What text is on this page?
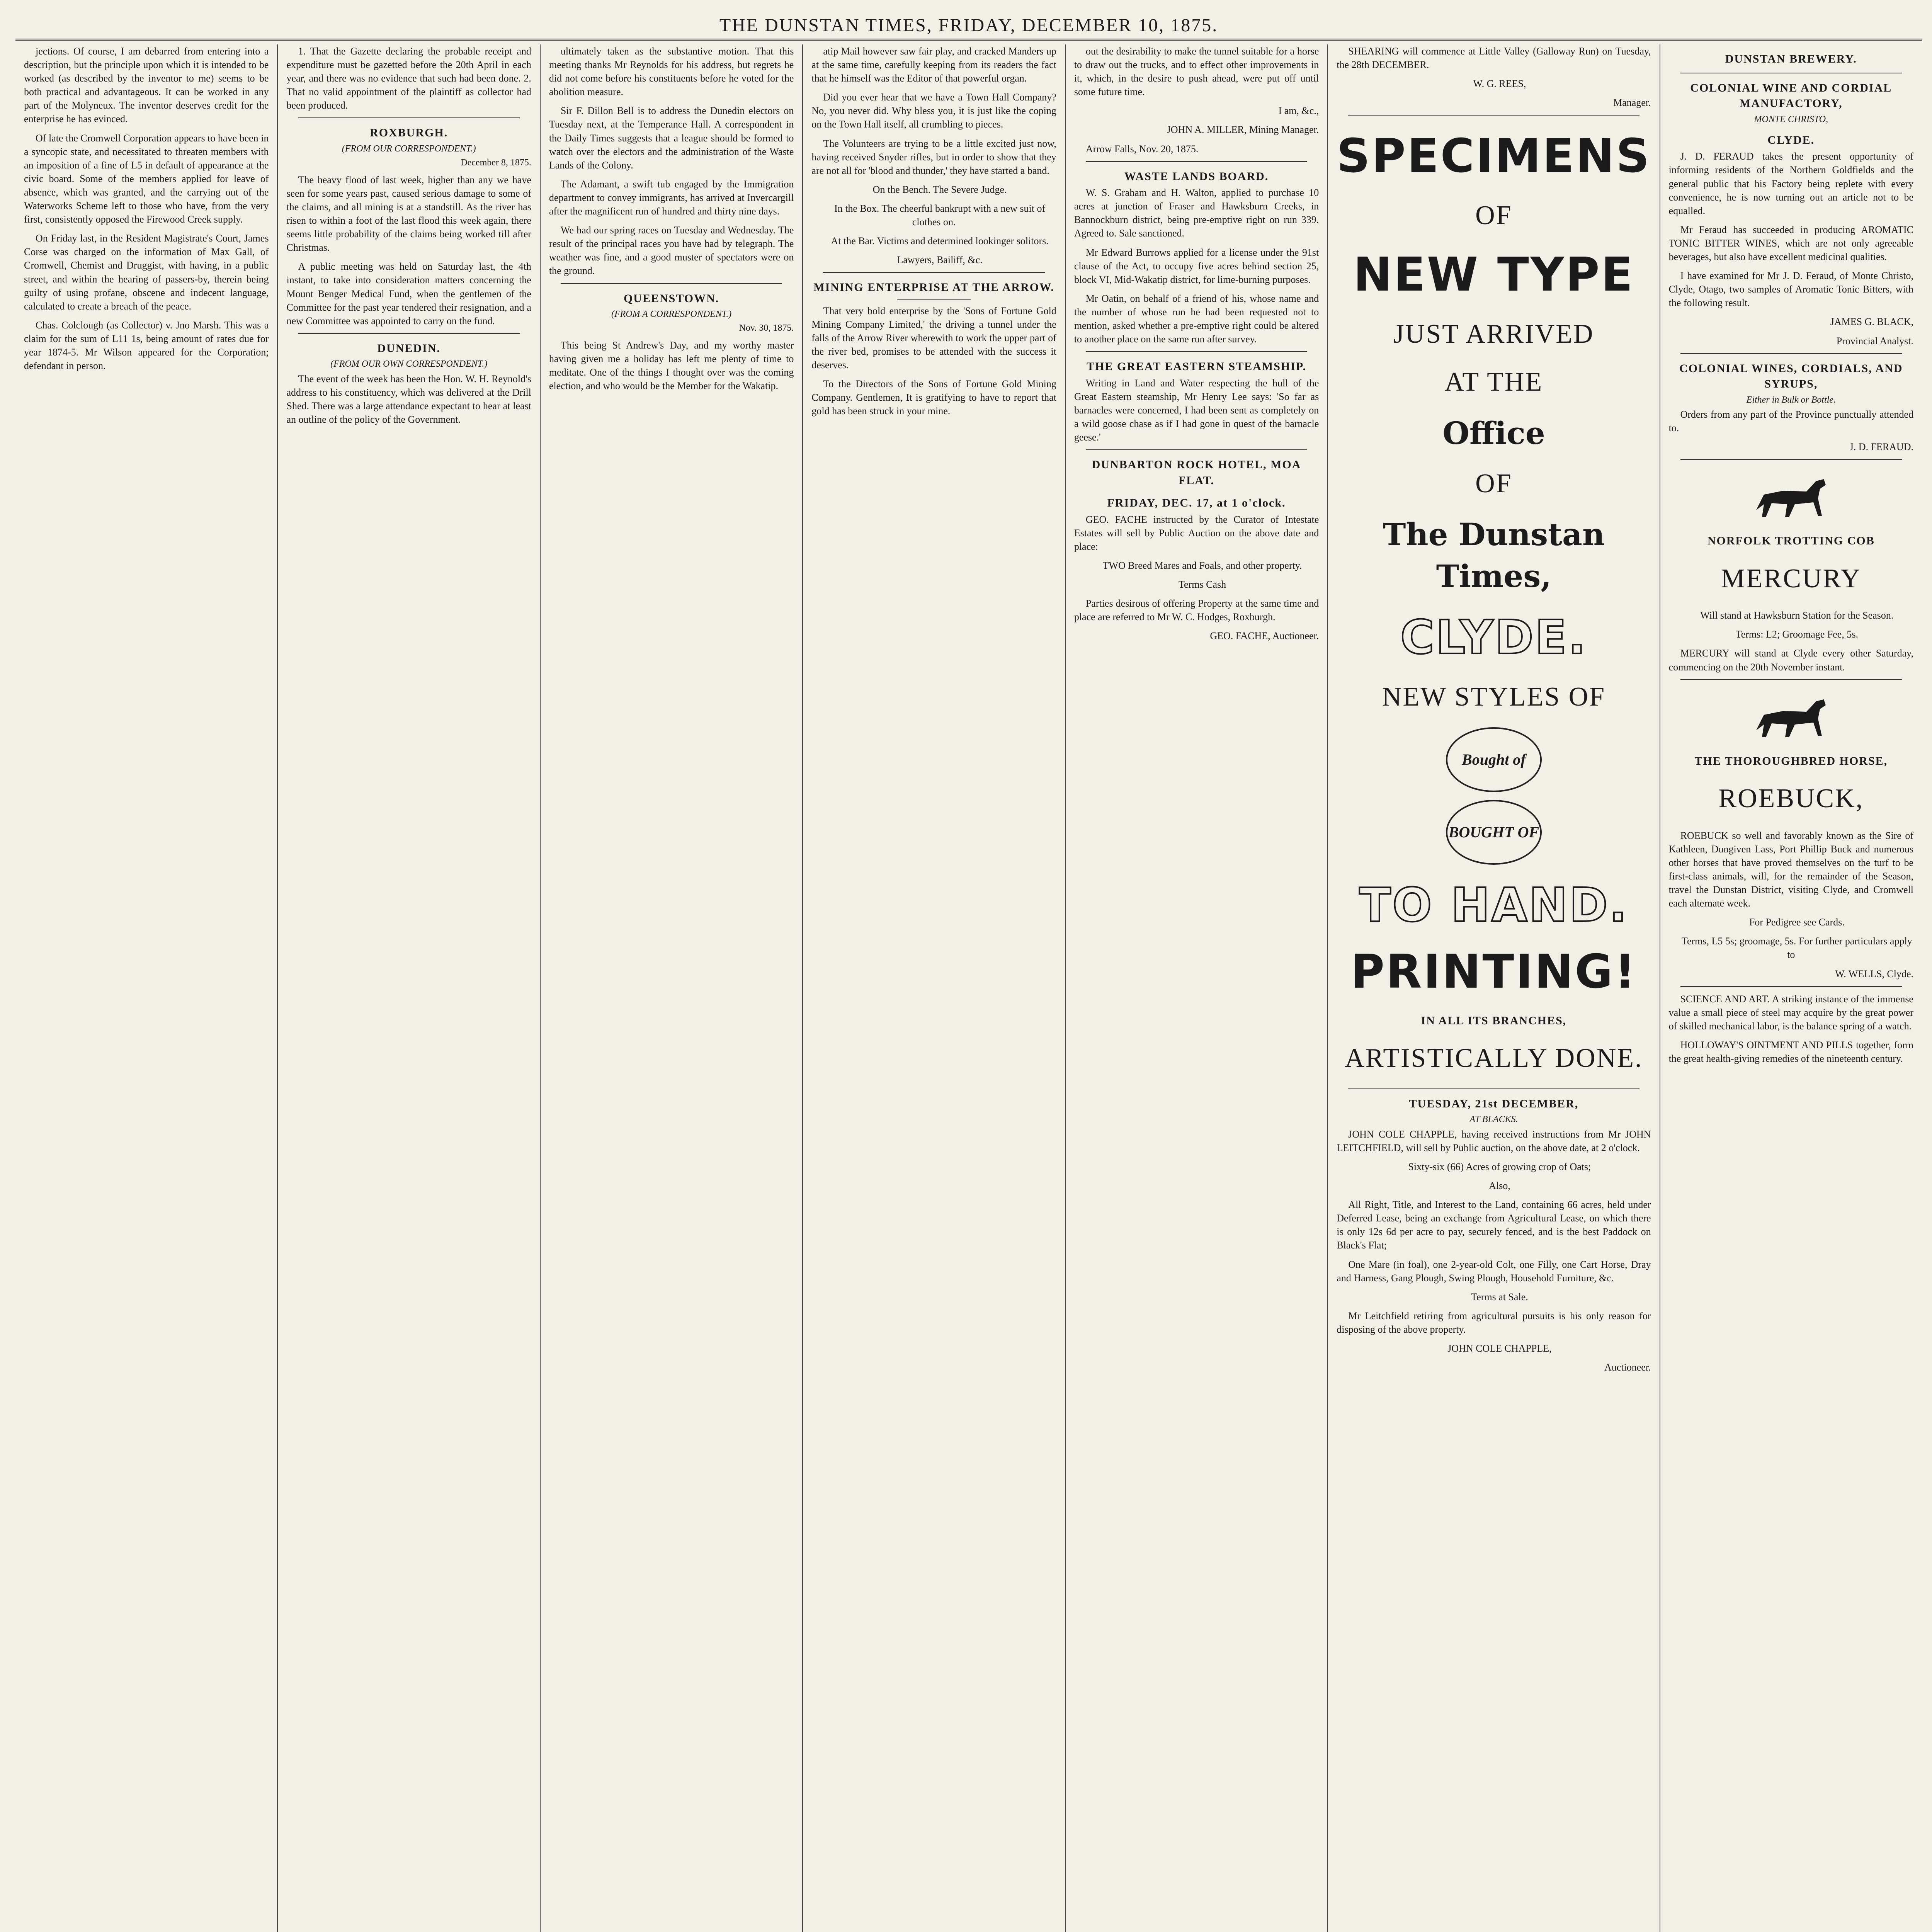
THE DUNSTAN TIMES, FRIDAY, DECEMBER 10, 1875.

jections. Of course, I am debarred from entering into a description, but the principle upon which it is intended to be worked (as described by the inventor to me) seems to be both practical and advantageous. It can be worked in any part of the Molyneux. The inventor deserves credit for the enterprise he has evinced.

Of late the Cromwell Corporation appears to have been in a syncopic state, and necessitated to threaten members with an imposition of a fine of L5 in default of appearance at the civic board. Some of the members applied for leave of absence, which was granted, and the carrying out of the Waterworks Scheme left to those who have, from the very first, consistently opposed the Firewood Creek supply.

On Friday last, in the Resident Magistrate's Court, James Corse was charged on the information of Max Gall, of Cromwell, Chemist and Druggist, with having, in a public street, and within the hearing of passers-by, therein being guilty of using profane, obscene and indecent language, calculated to create a breach of the peace.

Chas. Colclough (as Collector) v. Jno Marsh. This was a claim for the sum of L11 1s, being amount of rates due for year 1874-5. Mr Wilson appeared for the Corporation; defendant in person.

1. That the Gazette declaring the probable receipt and expenditure must be gazetted before the 20th April in each year, and there was no evidence that such had been done. 2. That no valid appointment of the plaintiff as collector had been produced.

ROXBURGH.
(FROM OUR CORRESPONDENT.)
December 8, 1875.

The heavy flood of last week, higher than any we have seen for some years past, caused serious damage to some of the claims, and all mining is at a standstill. As the river has risen to within a foot of the last flood this week again, there seems little probability of the claims being worked till after Christmas.

A public meeting was held on Saturday last, the 4th instant, to take into consideration matters concerning the Mount Benger Medical Fund, when the gentlemen of the Committee for the past year tendered their resignation, and a new Committee was appointed to carry on the fund.

DUNEDIN.
(FROM OUR OWN CORRESPONDENT.)

The event of the week has been the Hon. W. H. Reynold's address to his constituency, which was delivered at the Drill Shed. There was a large attendance expectant to hear at least an outline of the policy of the Government.

ultimately taken as the substantive motion. That this meeting thanks Mr Reynolds for his address, but regrets he did not come before his constituents before he voted for the abolition measure.

Sir F. Dillon Bell is to address the Dunedin electors on Tuesday next, at the Temperance Hall. A correspondent in the Daily Times suggests that a league should be formed to watch over the electors and the administration of the Waste Lands of the Colony.

The Adamant, a swift tub engaged by the Immigration department to convey immigrants, has arrived at Invercargill after the magnificent run of hundred and thirty nine days.

We had our spring races on Tuesday and Wednesday. The result of the principal races you have had by telegraph. The weather was fine, and a good muster of spectators were on the ground.

QUEENSTOWN.
(FROM A CORRESPONDENT.)
Nov. 30, 1875.

This being St Andrew's Day, and my worthy master having given me a holiday has left me plenty of time to meditate. One of the things I thought over was the coming election, and who would be the Member for the Wakatip.

atip Mail however saw fair play, and cracked Manders up at the same time, carefully keeping from its readers the fact that he himself was the Editor of that powerful organ.

Did you ever hear that we have a Town Hall Company? No, you never did. Why bless you, it is just like the coping on the Town Hall itself, all crumbling to pieces.

The Volunteers are trying to be a little excited just now, having received Snyder rifles, but in order to show that they are not all for 'blood and thunder,' they have started a band.

On the Bench. The Severe Judge.

In the Box. The cheerful bankrupt with a new suit of clothes on.

At the Bar. Victims and determined lookinger solitors.

Lawyers, Bailiff, &c.

MINING ENTERPRISE AT THE ARROW.

That very bold enterprise by the 'Sons of Fortune Gold Mining Company Limited,' the driving a tunnel under the falls of the Arrow River wherewith to work the upper part of the river bed, promises to be attended with the success it deserves.

To the Directors of the Sons of Fortune Gold Mining Company. Gentlemen, It is gratifying to have to report that gold has been struck in your mine.

out the desirability to make the tunnel suitable for a horse to draw out the trucks, and to effect other improvements in it, which, in the desire to push ahead, were put off until some future time.

I am, &c.,

JOHN A. MILLER, Mining Manager.

Arrow Falls, Nov. 20, 1875.

WASTE LANDS BOARD.

W. S. Graham and H. Walton, applied to purchase 10 acres at junction of Fraser and Hawksburn Creeks, in Bannockburn district, being pre-emptive right on run 339. Agreed to. Sale sanctioned.

Mr Edward Burrows applied for a license under the 91st clause of the Act, to occupy five acres behind section 25, block VI, Mid-Wakatip district, for lime-burning purposes.

Mr Oatin, on behalf of a friend of his, whose name and the number of whose run he had been requested not to mention, asked whether a pre-emptive right could be altered to another place on the same run after survey.

THE GREAT EASTERN STEAMSHIP.

Writing in Land and Water respecting the hull of the Great Eastern steamship, Mr Henry Lee says: 'So far as barnacles were concerned, I had been sent as completely on a wild goose chase as if I had gone in quest of the barnacle geese.'

DUNBARTON ROCK HOTEL, MOA FLAT.
FRIDAY, DEC. 17, at 1 o'clock.

GEO. FACHE instructed by the Curator of Intestate Estates will sell by Public Auction on the above date and place:

TWO Breed Mares and Foals, and other property.

Terms Cash

Parties desirous of offering Property at the same time and place are referred to Mr W. C. Hodges, Roxburgh.

GEO. FACHE, Auctioneer.

SHEARING will commence at Little Valley (Galloway Run) on Tuesday, the 28th DECEMBER.

W. G. REES,

Manager.

SPECIMENS
OF
NEW TYPE
JUST ARRIVED
AT THE
Office
OF
The Dunstan Times,
CLYDE.
NEW STYLES OF
Bought of
BOUGHT OF
TO HAND.
PRINTING!
IN ALL ITS BRANCHES,
ARTISTICALLY DONE.
TUESDAY, 21st DECEMBER,
AT BLACKS.

JOHN COLE CHAPPLE, having received instructions from Mr JOHN LEITCHFIELD, will sell by Public auction, on the above date, at 2 o'clock.

Sixty-six (66) Acres of growing crop of Oats;

Also,

All Right, Title, and Interest to the Land, containing 66 acres, held under Deferred Lease, being an exchange from Agricultural Lease, on which there is only 12s 6d per acre to pay, securely fenced, and is the best Paddock on Black's Flat;

One Mare (in foal), one 2-year-old Colt, one Filly, one Cart Horse, Dray and Harness, Gang Plough, Swing Plough, Household Furniture, &c.

Terms at Sale.

Mr Leitchfield retiring from agricultural pursuits is his only reason for disposing of the above property.

JOHN COLE CHAPPLE,

Auctioneer.

DUNSTAN BREWERY.
COLONIAL WINE AND CORDIAL MANUFACTORY,
MONTE CHRISTO,
CLYDE.

J. D. FERAUD takes the present opportunity of informing residents of the Northern Goldfields and the general public that his Factory being replete with every convenience, he is now turning out an article not to be equalled.

Mr Feraud has succeeded in producing AROMATIC TONIC BITTER WINES, which are not only agreeable beverages, but also have excellent medicinal qualities.

I have examined for Mr J. D. Feraud, of Monte Christo, Clyde, Otago, two samples of Aromatic Tonic Bitters, with the following result.

JAMES G. BLACK,

Provincial Analyst.

COLONIAL WINES, CORDIALS, AND SYRUPS,
Either in Bulk or Bottle.

Orders from any part of the Province punctually attended to.

J. D. FERAUD.

NORFOLK TROTTING COB
MERCURY

Will stand at Hawksburn Station for the Season.

Terms: L2; Groomage Fee, 5s.

MERCURY will stand at Clyde every other Saturday, commencing on the 20th November instant.

THE THOROUGHBRED HORSE,
ROEBUCK,

ROEBUCK so well and favorably known as the Sire of Kathleen, Dungiven Lass, Port Phillip Buck and numerous other horses that have proved themselves on the turf to be first-class animals, will, for the remainder of the Season, travel the Dunstan District, visiting Clyde, and Cromwell each alternate week.

For Pedigree see Cards.

Terms, L5 5s; groomage, 5s. For further particulars apply to

W. WELLS, Clyde.

SCIENCE AND ART. A striking instance of the immense value a small piece of steel may acquire by the great power of skilled mechanical labor, is the balance spring of a watch.

HOLLOWAY'S OINTMENT AND PILLS together, form the great health-giving remedies of the nineteenth century.
